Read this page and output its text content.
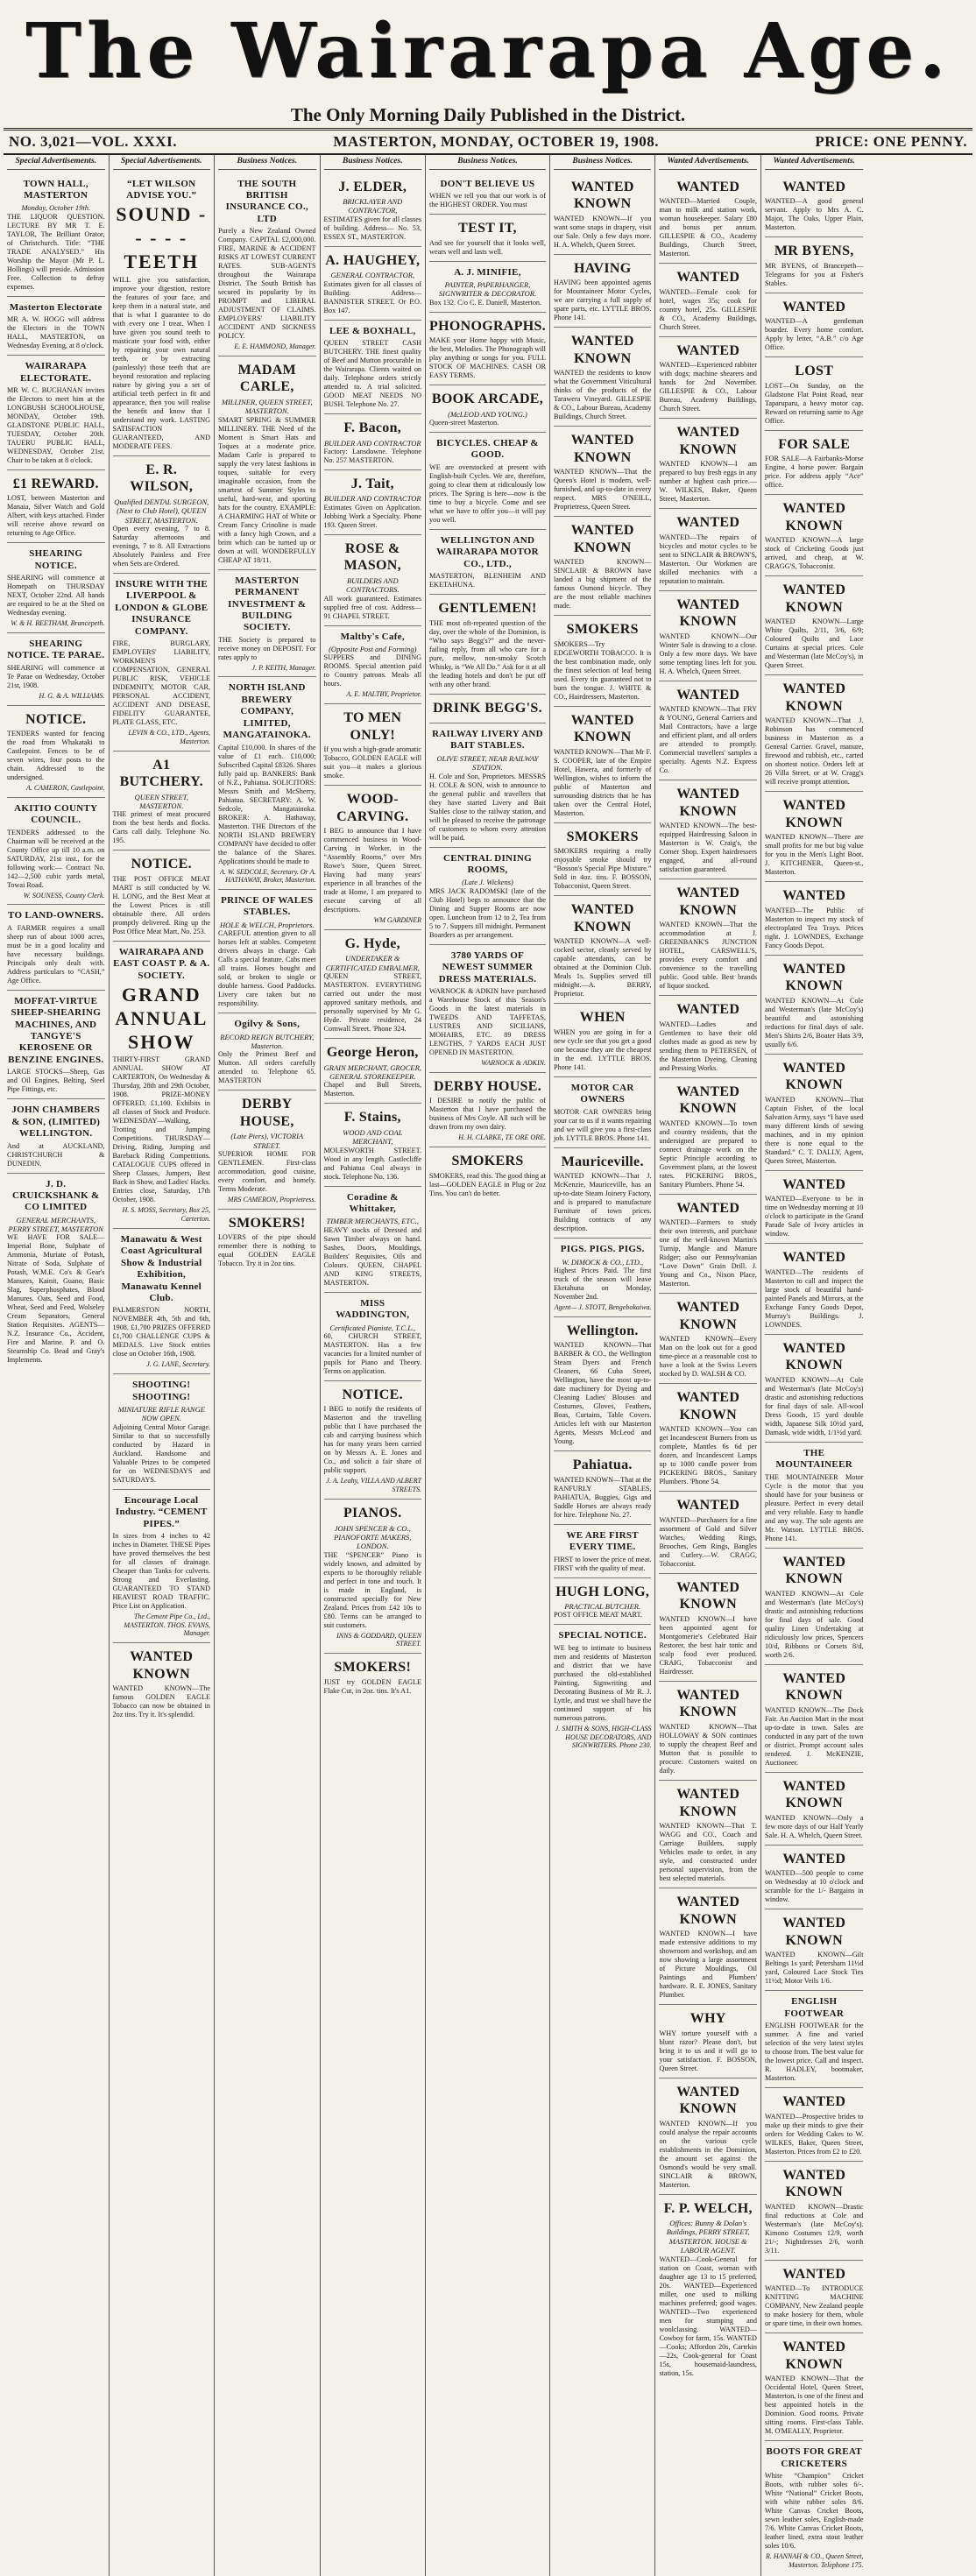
The Wairarapa Age.
The Only Morning Daily Published in the District.
NO. 3,021—VOL. XXXI.	MASTERTON, MONDAY, OCTOBER 19, 1908.	PRICE: ONE PENNY.
Special Advertisements.
TOWN HALL, MASTERTON
Monday, October 19th.
THE LIQUOR QUESTION. LECTURE BY MR T. E. TAYLOR, The Brilliant Orator, of Christchurch. Title: “THE TRADE ANALYSED.” His Worship the Mayor (Mr P. L. Hollings) will preside. Admission Free. Collection to defray expenses.
Masterton Electorate
MR A. W. HOGG will address the Electors in the TOWN HALL, MASTERTON, on Wednesday Evening, at 8 o'clock.
WAIRARAPA ELECTORATE.
MR W. C. BUCHANAN invites the Electors to meet him at the LONGBUSH SCHOOLHOUSE, MONDAY, October 19th. GLADSTONE PUBLIC HALL, TUESDAY, October 20th. TAUERU PUBLIC HALL, WEDNESDAY, October 21st. Chair to be taken at 8 o'clock.
£1 REWARD.
LOST, between Masterton and Manaia, Silver Watch and Gold Albert, with keys attached. Finder will receive above reward on returning to Age Office.
SHEARING NOTICE.
SHEARING will commence at Homepath on THURSDAY NEXT, October 22nd. All hands are required to be at the Shed on Wednesday evening.
W. & H. BEETHAM, Brancepeth.
SHEARING NOTICE. TE PARAE.
SHEARING will commence at Te Parae on Wednesday, October 21st, 1908.
H. G. & A. WILLIAMS.
NOTICE.
TENDERS wanted for fencing the road from Whakataki to Castlepoint. Fences to be of seven wires, four posts to the chain. Addressed to the undersigned.
A. CAMERON, Castlepoint.
AKITIO COUNTY COUNCIL.
TENDERS addressed to the Chairman will be received at the County Office up till 10 a.m. on SATURDAY, 21st inst., for the following work:— Contract No. 142—2,500 cubic yards metal, Towai Road.
W. SOUNESS, County Clerk.
TO LAND-OWNERS.
A FARMER requires a small sheep run of about 1000 acres, must be in a good locality and have necessary buildings. Principals only dealt with. Address particulars to “CASH,” Age Office.
MOFFAT-VIRTUE SHEEP-SHEARING MACHINES, AND TANGYE'S KEROSENE OR BENZINE ENGINES.
LARGE STOCKS—Sheep, Gas and Oil Engines, Belting, Steel Pipe Fittings, etc.
JOHN CHAMBERS & SON, (LIMITED) WELLINGTON.
And at AUCKLAND, CHRISTCHURCH & DUNEDIN.
J. D. CRUICKSHANK & CO LIMITED
GENERAL MERCHANTS, PERRY STREET, MASTERTON
WE HAVE FOR SALE— Imperial Bone, Sulphate of Ammonia, Muriate of Potash, Nitrate of Soda, Sulphate of Potash, W.M.E. Co's & Gear's Manures, Kainit, Guano, Basic Slag, Superphosphates, Blood Manures. Oats, Seed and Food, Wheat, Seed and Feed, Wolseley Cream Separators, General Station Requisites. AGENTS— N.Z. Insurance Co., Accident, Fire and Marine. P. and O. Steamship Co. Bead and Gray's Implements.
Special Advertisements.
“LET WILSON ADVISE YOU.”
SOUND - - - - - TEETH
WILL give you satisfaction, improve your digestion, restore the features of your face, and keep them in a natural state, and that is what I guarantee to do with every one I treat. When I have given you sound teeth to masticate your food with, either by repairing your own natural teeth, or by extracting (painlessly) those teeth that are beyond restoration and replacing nature by giving you a set of artificial teeth perfect in fit and appearance, then you will realise the benefit and know that I understand my work. LASTING SATISFACTION GUARANTEED, AND MODERATE FEES.
E. R. WILSON,
Qualified DENTAL SURGEON, (Next to Club Hotel), QUEEN STREET, MASTERTON.
Open every evening, 7 to 8. Saturday afternoons and evenings, 7 to 8. All Extractions Absolutely Painless and Free when Sets are Ordered.
INSURE WITH THE LIVERPOOL & LONDON & GLOBE INSURANCE COMPANY.
FIRE, BURGLARY, EMPLOYERS' LIABILITY, WORKMEN'S COMPENSATION, GENERAL PUBLIC RISK, VEHICLE INDEMNITY, MOTOR CAR, PERSONAL ACCIDENT, ACCIDENT AND DISEASE, FIDELITY GUARANTEE, PLATE GLASS, ETC.
LEVIN & CO., LTD., Agents, Masterton.
A1 BUTCHERY.
QUEEN STREET, MASTERTON.
THE primest of meat procured from the best herds and flocks. Carts call daily. Telephone No. 195.
NOTICE.
THE POST OFFICE MEAT MART is still conducted by W. H. LONG, and the Best Meat at the Lowest Prices is still obtainable there. All orders promptly delivered. Ring up the Post Office Meat Mart, No. 253.
WAIRARAPA AND EAST COAST P. & A. SOCIETY.
GRAND ANNUAL SHOW
THIRTY-FIRST GRAND ANNUAL SHOW AT CARTERTON, On Wednesday & Thursday, 28th and 29th October, 1908. PRIZE-MONEY OFFERED, £1,100. Exhibits in all classes of Stock and Produce. WEDNESDAY—Walking, Trotting and Jumping Competitions. THURSDAY—Driving, Riding, Jumping and Bareback Riding Competitions. CATALOGUE CUPS offered in Sheep Classes, Jumpers, Best Back in Show, and Ladies' Hacks. Entries close, Saturday, 17th October, 1908.
H. S. MOSS, Secretary, Box 25, Carterton.
Manawatu & West Coast Agricultural Show & Industrial Exhibition, Manawatu Kennel Club.
PALMERSTON NORTH, NOVEMBER 4th, 5th and 6th, 1908. £1,700 PRIZES OFFERED £1,700 CHALLENGE CUPS & MEDALS. Live Stock entries close on October 16th, 1908.
J. G. LANE, Secretary.
SHOOTING! SHOOTING!
MINIATURE RIFLE RANGE NOW OPEN.
Adjoining Central Motor Garage. Similar to that so successfully conducted by Hazard in Auckland. Handsome and Valuable Prizes to be competed for on WEDNESDAYS and SATURDAYS.
Encourage Local Industry. “CEMENT PIPES.”
In sizes from 4 inches to 42 inches in Diameter. THESE Pipes have proved themselves the best for all classes of drainage. Cheaper than Tanks for culverts. Strong and Everlasting. GUARANTEED TO STAND HEAVIEST ROAD TRAFFIC. Price List on Application.
The Cement Pipe Co., Ltd., MASTERTON. THOS. EVANS, Manager.
WANTED KNOWN
WANTED KNOWN—The famous GOLDEN EAGLE Tobacco can now be obtained in 2oz tins. Try it. It's splendid.
Business Notices.
THE SOUTH BRITISH INSURANCE CO., LTD
Purely a New Zealand Owned Company. CAPITAL £2,000,000. FIRE, MARINE & ACCIDENT RISKS AT LOWEST CURRENT RATES. SUB-AGENTS throughout the Wairarapa District. The South British has secured its popularity by its PROMPT and LIBERAL ADJUSTMENT OF CLAIMS. EMPLOYERS' LIABILITY ACCIDENT AND SICKNESS POLICY.
E. E. HAMMOND, Manager.
MADAM CARLE,
MILLINER, QUEEN STREET, MASTERTON.
SMART SPRING & SUMMER MILLINERY. THE Need of the Moment is Smart Hats and Toques at a moderate price. Madam Carle is prepared to supply the very latest fashions in toques, suitable for every imaginable occasion, from the smartest of Summer Styles to useful, hard-wear, and sporting hats for the country. EXAMPLE: A CHARMING HAT of White or Cream Fancy Crinoline is made with a fancy high Crown, and a brim which can be turned up or down at will. WONDERFULLY CHEAP AT 18/11.
MASTERTON PERMANENT INVESTMENT & BUILDING SOCIETY.
THE Society is prepared to receive money on DEPOSIT. For rates apply to
J. P. KEITH, Manager.
NORTH ISLAND BREWERY COMPANY, LIMITED, MANGATAINOKA.
Capital £10,000. In shares of the value of £1 each. £10,000; Subscribed Capital £8326. Shares fully paid up. BANKERS: Bank of N.Z., Pahiatua. SOLICITORS: Messrs Smith and McSherry, Pahiatua. SECRETARY: A. W. Sedcole, Mangatainoka. BROKER: A. Hathaway, Masterton. THE Directors of the NORTH ISLAND BREWERY COMPANY have decided to offer the balance of the Shares. Applications should be made to
A. W. SEDCOLE, Secretary. Or A. HATHAWAY, Broker, Masterton.
PRINCE OF WALES STABLES.
HOLE & WELCH, Proprietors.
CAREFUL attention given to all horses left at stables. Competent drivers always in charge. Cab Calls a special feature. Cabs meet all trains. Horses bought and sold, or broken to single or double harness. Good Paddocks. Livery care taken but no responsibility.
Ogilvy & Sons,
RECORD REIGN BUTCHERY, Masterton.
Only the Primest Beef and Mutton. All orders carefully attended to. Telephone 65. MASTERTON
DERBY HOUSE,
(Late Piers), VICTORIA STREET.
SUPERIOR HOME FOR GENTLEMEN. First-class accommodation, good cuisine, every comfort, and homely. Terms Moderate.
MRS CAMERON, Proprietress.
SMOKERS!
LOVERS of the pipe should remember there is nothing to equal GOLDEN EAGLE Tobacco. Try it in 2oz tins.
Business Notices.
J. ELDER,
BRICKLAYER AND CONTRACTOR,
ESTIMATES given for all classes of building. Address— No. 53, ESSEX ST., MASTERTON.
A. HAUGHEY,
GENERAL CONTRACTOR,
Estimates given for all classes of Building. Address—BANNISTER STREET. Or P.O. Box 147.
LEE & BOXHALL,
QUEEN STREET CASH BUTCHERY. THE finest quality of Beef and Mutton procurable in the Wairarapa. Clients waited on daily. Telephone orders strictly attended to. A trial solicited. GOOD MEAT NEEDS NO BUSH. Telephone No. 27.
F. Bacon,
BUILDER AND CONTRACTOR
Factory: Lansdowne. Telephone No. 257 MASTERTON.
J. Tait,
BUILDER AND CONTRACTOR
Estimates Given on Application. Jobbing Work a Specialty. Phone 193. Queen Street.
ROSE & MASON,
BUILDERS AND CONTRACTORS.
All work guaranteed. Estimates supplied free of cost. Address— 91 CHAPEL STREET.
Maltby's Cafe,
(Opposite Post and Forming)
SUPPERS and DINING ROOMS. Special attention paid to Country patrons. Meals all hours.
A. E. MALTBY, Proprietor.
TO MEN ONLY!
If you wish a high-grade aromatic Tobacco, GOLDEN EAGLE will suit you—it makes a glorious smoke.
WOOD-CARVING.
I BEG to announce that I have commenced business in Wood-Carving in Worker, in the “Assembly Rooms,” over Mrs Rowe's Store, Queen Street. Having had many years' experience in all branches of the trade at Home, I am prepared to execute carving of all descriptions.
WM GARDINER
G. Hyde,
UNDERTAKER & CERTIFICATED EMBALMER,
QUEEN STREET, MASTERTON. EVERYTHING carried out under the most approved sanitary methods, and personally supervised by Mr G. Hyde. Private residence, 24 Cornwall Street. 'Phone 324.
George Heron,
GRAIN MERCHANT, GROCER, GENERAL STOREKEEPER.
Chapel and Bull Streets, Masterton.
F. Stains,
WOOD AND COAL MERCHANT,
MOLESWORTH STREET. Wood in any length. Castlecliffe and Pahiatua Coal always in stock. Telephone No. 136.
Coradine & Whittaker,
TIMBER MERCHANTS, ETC.,
HEAVY stocks of Dressed and Sawn Timber always on hand. Sashes, Doors, Mouldings, Builders' Requisites, Oils and Colours. QUEEN, CHAPEL AND KING STREETS, MASTERTON.
MISS WADDINGTON,
Certificated Pianiste, T.C.L.,
60, CHURCH STREET, MASTERTON. Has a few vacancies for a limited number of pupils for Piano and Theory. Terms on application.
NOTICE.
I BEG to notify the residents of Masterton and the travelling public that I have purchased the cab and carrying business which has for many years been carried on by Messrs A. E. Jones and Co., and solicit a fair share of public support.
J. A. Leahy, VILLA AND ALBERT STREETS.
PIANOS.
JOHN SPENCER & CO., PIANOFORTE MAKERS, LONDON.
THE “SPENCER” Piano is widely known, and admitted by experts to be thoroughly reliable and perfect in tone and touch. It is made in England, is constructed specially for New Zealand. Prices from £42 10s to £80. Terms can be arranged to suit customers.
INNS & GODDARD, QUEEN STREET.
SMOKERS!
JUST try GOLDEN EAGLE Flake Cut, in 2oz. tins. It's A1.
Business Notices.
DON'T BELIEVE US
WHEN we tell you that our work is of the HIGHEST ORDER. You must
TEST IT,
And see for yourself that it looks well, wears well and lasts well.
A. J. MINIFIE,
PAINTER, PAPERHANGER, SIGNWRITER & DECORATOR.
Box 132. C/o C. E. Daniell, Masterton.
PHONOGRAPHS.
MAKE your Home happy with Music, the best, Melodies. The Phonograph will play anything or songs for you. FULL STOCK OF MACHINES. CASH OR EASY TERMS.
BOOK ARCADE,
(McLEOD AND YOUNG.)
Queen-street Masterton.
BICYCLES. CHEAP & GOOD.
WE are overstocked at present with English-built Cycles. We are, therefore, going to clear them at ridiculously low prices. The Spring is here—now is the time to buy a bicycle. Come and see what we have to offer you—it will pay you well.
WELLINGTON AND WAIRARAPA MOTOR CO., LTD.,
MASTERTON, BLENHEIM AND EKETAHUNA.
GENTLEMEN!
THE most oft-repeated question of the day, over the whole of the Dominion, is “Who says Begg's?” and the never-failing reply, from all who care for a pure, mellow, non-smoky Scotch Whisky, is “We All Do.” Ask for it at all the leading hotels and don't be put off with any other brand.
DRINK BEGG'S.
RAILWAY LIVERY AND BAIT STABLES.
OLIVE STREET, NEAR RAILWAY STATION.
H. Cole and Son, Proprietors. MESSRS H. COLE & SON, wish to announce to the general public and travellers that they have started Livery and Bait Stables close to the railway station, and will be pleased to receive the patronage of customers to whom every attention will be paid.
CENTRAL DINING ROOMS,
(Late J. Wickens)
MRS JACK RADOMSKI (late of the Club Hotel) begs to announce that the Dining and Supper Rooms are now open. Luncheon from 12 to 2, Tea from 5 to 7. Suppers till midnight. Permanent Boarders as per arrangement.
3780 YARDS OF NEWEST SUMMER DRESS MATERIALS.
WARNOCK & ADKIN have purchased a Warehouse Stock of this Season's Goods in the latest materials in TWEEDS AND TAFFETAS, LUSTRES AND SICILIANS, MOHAIRS, ETC. 89 DRESS LENGTHS, 7 YARDS EACH JUST OPENED IN MASTERTON.
WARNOCK & ADKIN.
DERBY HOUSE.
I DESIRE to notify the public of Masterton that I have purchased the business of Mrs Coyle. All such will be drawn from my own dairy.
H. H. CLARKE, TE ORE ORE.
SMOKERS
SMOKERS, read this. The good thing at last—GOLDEN EAGLE in Plug or 2oz Tins. You can't do better.
Business Notices.
WANTED KNOWN
WANTED KNOWN—If you want some snaps in drapery, visit our Sale. Only a few days more. H. A. Whelch, Queen Street.
HAVING
HAVING been appointed agents for Mountaineer Motor Cycles, we are carrying a full supply of spare parts, etc. LYTTLE BROS. Phone 141.
WANTED KNOWN
WANTED the residents to know what the Government Viticultural thinks of the products of the Tarawera Vineyard. GILLESPIE & CO., Labour Bureau, Academy Buildings, Church Street.
WANTED KNOWN
WANTED KNOWN—That the Queen's Hotel is modern, well-furnished, and up-to-date in every respect. MRS O'NEILL, Proprietress, Queen Street.
WANTED KNOWN
WANTED KNOWN—SINCLAIR & BROWN have landed a big shipment of the famous Osmond bicycle. They are the most reliable machines made.
SMOKERS
SMOKERS—Try EDGEWORTH TOBACCO. It is the best combination made, only the finest selection of leaf being used. Every tin guaranteed not to burn the tongue. J. WHITE & CO., Hairdressers, Masterton.
WANTED KNOWN
WANTED KNOWN—That Mr F. S. COOPER, late of the Empire Hotel, Hawera, and formerly of Wellington, wishes to inform the public of Masterton and surrounding districts that he has taken over the Central Hotel, Masterton.
SMOKERS
SMOKERS requiring a really enjoyable smoke should try “Bosson's Special Pipe Mixture.” Sold in 4oz. tins. F. BOSSON, Tobacconist, Queen Street.
WANTED KNOWN
WANTED KNOWN—A well-cocked sector, cleanly served by capable attendants, can be obtained at the Dominion Club. Meals 1s. Supplies served till midnight.—A. BERRY, Proprietor.
WHEN
WHEN you are going in for a new cycle see that you get a good one because they are the cheapest in the end. LYTTLE BROS. Phone 141.
MOTOR CAR OWNERS
MOTOR CAR OWNERS bring your car to us if it wants repairing and we will give you a first-class job. LYTTLE BROS. Phone 141.
Mauriceville.
WANTED KNOWN—That J. McKenzie, Mauriceville, has an up-to-date Steam Joinery Factory, and is prepared to manufacture Furniture of town prices. Building contracts of any description.
PIGS. PIGS. PIGS.
W. DIMOCK & CO., LTD.,
Highest Prices Paid. The first truck of the season will leave Eketahuna on Monday, November 2nd.
Agent— J. STOTT, Bengebokaiwa.
Wellington.
WANTED KNOWN—That BARBER & CO., the Wellington Steam Dyers and French Cleaners, 66 Cuba Street, Wellington, have the most up-to-date machinery for Dyeing and Cleaning Ladies' Blouses and Costumes, Gloves, Feathers, Boas, Curtains, Table Covers. Articles left with our Masterton Agents, Messrs McLeod and Young.
Pahiatua.
WANTED KNOWN—That at the RANFURLY STABLES, PAHIATUA, Buggies, Gigs and Saddle Horses are always ready for hire. Telephone No. 27.
WE ARE FIRST EVERY TIME.
FIRST to lower the price of meat. FIRST with the quality of meat.
HUGH LONG,
PRACTICAL BUTCHER.
POST OFFICE MEAT MART.
SPECIAL NOTICE.
WE beg to intimate to business men and residents of Masterton and district that we have purchased the old-established Painting, Signwriting and Decorating Business of Mr R. J. Lyttle, and trust we shall have the continued support of his numerous patrons.
J. SMITH & SONS, HIGH-CLASS HOUSE DECORATORS, AND SIGNWRITERS. Phone 230.
Wanted Advertisements.
WANTED
WANTED—Married Couple, man to milk and station work, woman housekeeper. Salary £80 and bonus per annum. GILLESPIE & CO., Academy Buildings, Church Street, Masterton.
WANTED
WANTED—Female cook for hotel, wages 35s; cook for country hotel, 25s. GILLESPIE & CO., Academy Buildings, Church Street.
WANTED
WANTED—Experienced rabbiter with dogs; machine shearers and hands for 2nd November. GILLESPIE & CO., Labour Bureau, Academy Buildings, Church Street.
WANTED KNOWN
WANTED KNOWN—I am prepared to buy fresh eggs in any number at highest cash price.—W. WILKES, Baker, Queen Street, Masterton.
WANTED
WANTED—The repairs of bicycles and motor cycles to be sent to SINCLAIR & BROWN'S, Masterton. Our Workmen are skilled mechanics with a reputation to maintain.
WANTED KNOWN
WANTED KNOWN—Our Winter Sale is drawing to a close. Only a few more days. We have some tempting lines left for you. H. A. Whelch, Queen Street.
WANTED
WANTED KNOWN—That FRY & YOUNG, General Carriers and Mail Contractors, have a large and efficient plant, and all orders are attended to promptly. Commercial travellers' samples a specialty. Agents N.Z. Express Co.
WANTED KNOWN
WANTED KNOWN—The best-equipped Hairdressing Saloon in Masterton is W. Craig's, the Corner Shop. Expert hairdressers engaged, and all-round satisfaction guaranteed.
WANTED KNOWN
WANTED KNOWN—That the accommodation at J. GREENBANK'S JUNCTION HOTEL, CARSWELL'S, provides every comfort and convenience to the travelling public. Good table. Best brands of liquor stocked.
WANTED
WANTED—Ladies and Gentlemen to have their old clothes made as good as new by sending them to PETERSEN, of the Masterton Dyeing, Cleaning and Pressing Works.
WANTED KNOWN
WANTED KNOWN—To town and country residents, that the undersigned are prepared to connect drainage work on the Septic Principle according to Government plans, at the lowest rates. PICKERING BROS., Sanitary Plumbers. Phone 54.
WANTED
WANTED—Farmers to study their own interests, and purchase one of the well-known Martin's Turnip, Mangle and Manure Ridger; also our Pennsylvanian “Love Down” Grain Drill. J. Young and Co., Nixon Place, Masterton.
WANTED KNOWN
WANTED KNOWN—Every Man on the look out for a good time-piece at a reasonable cost to have a look at the Swiss Levers stocked by D. WALSH & CO.
WANTED KNOWN
WANTED KNOWN—You can get Incandescent Burners from us complete, Mantles 6s 6d per dozen, and Incandescent Lamps up to 1000 candle power from PICKERING BROS., Sanitary Plumbers. 'Phone 54.
WANTED
WANTED—Purchasers for a fine assortment of Gold and Silver Watches, Wedding Rings, Brooches, Gem Rings, Bangles and Cutlery.—W. CRAGG, Tobacconist.
WANTED KNOWN
WANTED KNOWN—I have been appointed agent for Montgomerie's Celebrated Hair Restorer, the best hair tonic and scalp food ever produced. CRAIG, Tobacconist and Hairdresser.
WANTED KNOWN
WANTED KNOWN—That HOLLOWAY & SON continues to supply the cheapest Beef and Mutton that is possible to procure. Customers waited on daily.
WANTED KNOWN
WANTED KNOWN—That T. WAGG and CO., Coach and Carriage Builders, supply Vehicles made to order, in any style, and constructed under personal supervision, from the best selected materials.
WANTED KNOWN
WANTED KNOWN—I have made extensive additions to my showroom and workshop, and am now showing a large assortment of Picture Mouldings, Oil Paintings and Plumbers' hardware. R. E. JONES, Sanitary Plumber.
WHY
WHY torture yourself with a blunt razor? Please don't, but bring it to us and it will go to your satisfaction. F. BOSSON, Queen Street.
WANTED KNOWN
WANTED KNOWN—If you could analyse the repair accounts on the various cycle establishments in the Dominion, the amount set against the Osmond's would be very small. SINCLAIR & BROWN, Masterton.
F. P. WELCH,
Offices: Bunny & Dolan's Buildings, PERRY STREET, MASTERTON. HOUSE & LABOUR AGENT.
WANTED—Cook-General for station on Coast, woman with daughter age 13 to 15 preferred, 20s. WANTED—Experienced miller, one used to milking machines preferred; good wages. WANTED—Two experienced men for stumping and woolclassing. WANTED—Cowboy for farm, 15s. WANTED—Cooks; Affordon 20s, Cartrkin—22s, Cook-general for Coast 15s, housemaid-laundress, station, 15s.
Wanted Advertisements.
WANTED
WANTED—A good general servant. Apply to Mrs A. C. Major, The Oaks, Upper Plain, Masterton.
MR BYENS,
MR BYENS, of Brancepeth—Telegrams for you at Fisher's Stables.
WANTED
WANTED—A gentleman boarder. Every home comfort. Apply by letter, “A.B.” c/o Age Office.
LOST
LOST—On Sunday, on the Gladstone Flat Point Road, near Taparuparu, a heavy motor cap. Reward on returning same to Age Office.
FOR SALE
FOR SALE—A Fairbanks-Morse Engine, 4 horse power. Bargain price. For address apply “Ace” office.
WANTED KNOWN
WANTED KNOWN—A large stock of Cricketing Goods just arrived, and cheap, at W. CRAGG'S, Tobacconist.
WANTED KNOWN
WANTED KNOWN—Large White Quilts, 2/11, 3/6, 6/9; Coloured Quilts and Lace Curtains at special prices. Cole and Westerman (late McCoy's), in Queen Street.
WANTED KNOWN
WANTED KNOWN—That J. Robinson has commenced business in Masterton as a General Carrier. Gravel, manure, firewood and rubbish, etc., carted on shortest notice. Orders left at 26 Villa Street, or at W. Cragg's will receive prompt attention.
WANTED KNOWN
WANTED KNOWN—There are small profits for me but big value for you in the Men's Light Boot. J. KITCHENER, Queen-st., Masterton.
WANTED
WANTED—The Public of Masterton to inspect my stock of electroplated Tea Trays. Prices right. J. LOWNDES, Exchange Fancy Goods Depot.
WANTED KNOWN
WANTED KNOWN—At Cole and Westerman's (late McCoy's) beautiful and astonishing reductions for final days of sale. Men's Shirts 2/6, Boater Hats 3/9, usually 6/6.
WANTED KNOWN
WANTED KNOWN—That Captain Fisher, of the local Salvation Army, says “I have used many different kinds of sewing machines, and in my opinion there is none equal to the Standard.” C. T. DALLY, Agent, Queen Street, Masterton.
WANTED
WANTED—Everyone to be in time on Wednesday morning at 10 o'clock to participate in the Grand Parade Sale of Ivory articles in window.
WANTED
WANTED—The residents of Masterton to call and inspect the large stock of beautiful hand-painted Panels and Mirrors, at the Exchange Fancy Goods Depot, Murray's Buildings. J. LOWNDES.
WANTED KNOWN
WANTED KNOWN—At Cole and Westerman's (late McCoy's) drastic and astonishing reductions for final days of sale. All-wool Dress Goods, 15 yard double width, Japanese Silk 10½d yard, Damask, wide width, 1/1½d yard.
THE MOUNTAINEER
THE MOUNTAINEER Motor Cycle is the motor that you should have for your business or pleasure. Perfect in every detail and very reliable. Easy to handle and any way. The sole agents are Mr. Watson. LYTTLE BROS. Phone 141.
WANTED KNOWN
WANTED KNOWN—At Cole and Westerman's (late McCoy's) drastic and astonishing reductions for final days of sale. Good quality Linen Undertaking at ridiculously low prices, Spencers 10/d, Ribbons or Corsets 8/d, worth 2/6.
WANTED KNOWN
WANTED KNOWN—The Dock Fair. An Auction Mart in the most up-to-date in town. Sales are conducted in any part of the town or district. Prompt account sales rendered. J. McKENZIE, Auctioneer.
WANTED KNOWN
WANTED KNOWN—Only a few more days of our Half Yearly Sale. H. A. Whelch, Queen Street.
WANTED
WANTED—500 people to come on Wednesday at 10 o'clock and scramble for the 1/- Bargains in window.
WANTED KNOWN
WANTED KNOWN—Gilt Beltings 1s yard; Petersham 11½d yard, Coloured Lace Stock Ties 11½d; Motor Veils 1/6.
ENGLISH FOOTWEAR
ENGLISH FOOTWEAR for the summer. A fine and varied selection of the very latest styles to choose from. The best value for the lowest price. Call and inspect. R. HADLEY, bootmaker, Masterton.
WANTED
WANTED—Prospective brides to make up their minds to give their orders for Wedding Cakes to W. WILKES, Baker, Queen Street, Masterton. Prices from £2 to £20.
WANTED KNOWN
WANTED KNOWN—Drastic final reductions at Cole and Westerman's (late McCoy's). Kimono Costumes 12/9, worth 21/-; Nightdresses 2/6, worth 3/11.
WANTED
WANTED—To INTRODUCE KNITTING MACHINE COMPANY, New Zealand people to make hosiery for them, whole or spare time, in their own homes.
WANTED KNOWN
WANTED KNOWN—That the Occidental Hotel, Queen Street, Masterton, is one of the finest and best appointed hotels in the Dominion. Good rooms. Private sitting rooms. First-class Table. M. O'MEALLY, Proprietor.
BOOTS FOR GREAT CRICKETERS
White “Champion” Cricket Boots, with rubber soles 6/-. White “National” Cricket Boots, with white rubber soles 8/6. White Canvas Cricket Boots, sewn leather soles, English-made 7/6. White Canvas Cricket Boots, leather lined, extra stout leather soles 10/6.
R. HANNAH & CO., Queen Street, Masterton. Telephone 175.
